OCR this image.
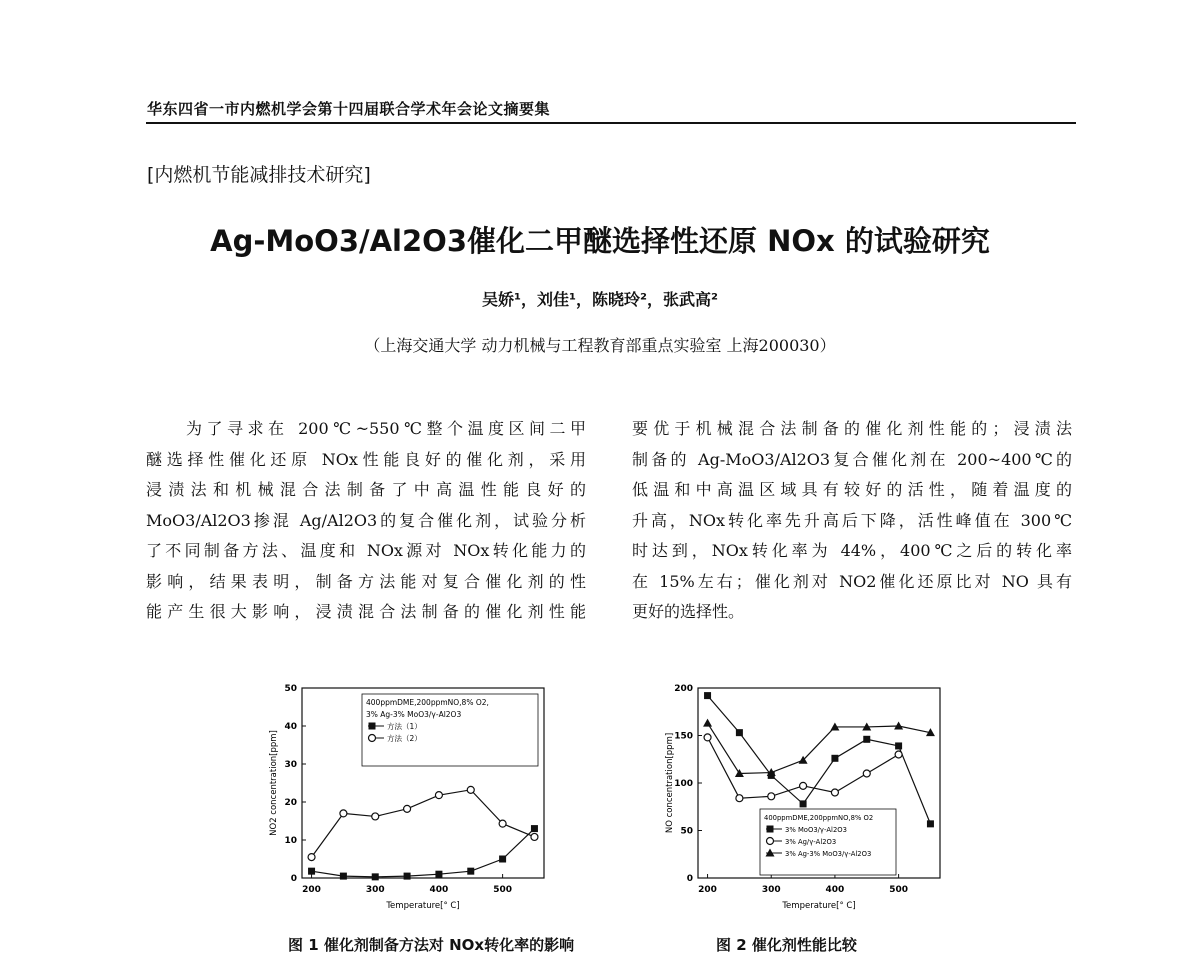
华东四省一市内燃机学会第十四届联合学术年会论文摘要集
[内燃机节能减排技术研究]
Ag-MoO3/Al2O3催化二甲醚选择性还原 NOx 的试验研究
吴娇¹，刘佳¹，陈晓玲²，张武高²
（上海交通大学 动力机械与工程教育部重点实验室 上海200030）
为了寻求在 200℃~550℃整个温度区间二甲
醚选择性催化还原 NOx性能良好的催化剂，采用
浸渍法和机械混合法制备了中高温性能良好的
MoO3/Al2O3掺混 Ag/Al2O3的复合催化剂，试验分析
了不同制备方法、温度和 NOx源对 NOx转化能力的
影响，结果表明，制备方法能对复合催化剂的性
能产生很大影响，浸渍混合法制备的催化剂性能
要优于机械混合法制备的催化剂性能的；浸渍法
制备的 Ag-MoO3/Al2O3复合催化剂在 200~400℃的
低温和中高温区域具有较好的活性，随着温度的
升高，NOx转化率先升高后下降，活性峰值在 300℃
时达到，NOx转化率为 44%，400℃之后的转化率
在 15%左右；催化剂对 NO2催化还原比对 NO 具有
更好的选择性。
200	300	400	500
0
10
20
30
40
50
Temperature[° C]
NO2 concentration[ppm]
400ppmDME,200ppmNO,8% O2,
3% Ag-3% MoO3/γ-Al2O3
方法（1）
方法（2）
200	300	400	500
0
50
100
150
200
Temperature[° C]
NO concentration[ppm]	400ppmDME,200ppmNO,8% O2
3% MoO3/γ-Al2O3
3% Ag/γ-Al2O3
3% Ag-3% MoO3/γ-Al2O3
图 1 催化剂制备方法对 NOx转化率的影响	图 2 催化剂性能比较
